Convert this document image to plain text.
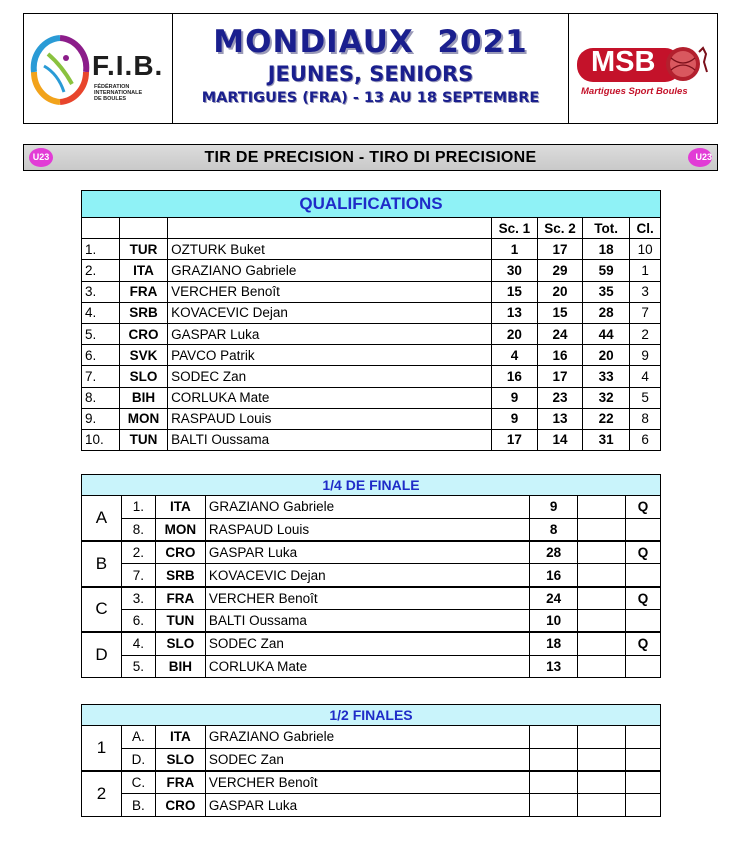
F.I.B.
FÉDÉRATION
INTERNATIONALE
DE BOULES
MONDIAUX  2021
JEUNES, SENIORS
MARTIGUES (FRA) - 13 AU 18 SEPTEMBRE
MSB
Martigues Sport Boules
U23	TIR DE PRECISION - TIRO DI PRECISIONE	U23
QUALIFICATIONS						
			Sc. 1	Sc. 2	Tot.	Cl.
1.	TUR	OZTURK Buket	1	17	18	10
2.	ITA	GRAZIANO Gabriele	30	29	59	1
3.	FRA	VERCHER Benoît	15	20	35	3
4.	SRB	KOVACEVIC Dejan	13	15	28	7
5.	CRO	GASPAR Luka	20	24	44	2
6.	SVK	PAVCO Patrik	4	16	20	9
7.	SLO	SODEC Zan	16	17	33	4
8.	BIH	CORLUKA Mate	9	23	32	5
9.	MON	RASPAUD Louis	9	13	22	8
10.	TUN	BALTI Oussama	17	14	31	6
1/4 DE FINALE						
A	1.	ITA	GRAZIANO Gabriele	9		Q
	8.	MON	RASPAUD Louis	8		
B	2.	CRO	GASPAR Luka	28		Q
	7.	SRB	KOVACEVIC Dejan	16		
C	3.	FRA	VERCHER Benoît	24		Q
	6.	TUN	BALTI Oussama	10		
D	4.	SLO	SODEC Zan	18		Q
	5.	BIH	CORLUKA Mate	13		
1/2 FINALES						
1	A.	ITA	GRAZIANO Gabriele			
	D.	SLO	SODEC Zan			
2	C.	FRA	VERCHER Benoît			
	B.	CRO	GASPAR Luka			
